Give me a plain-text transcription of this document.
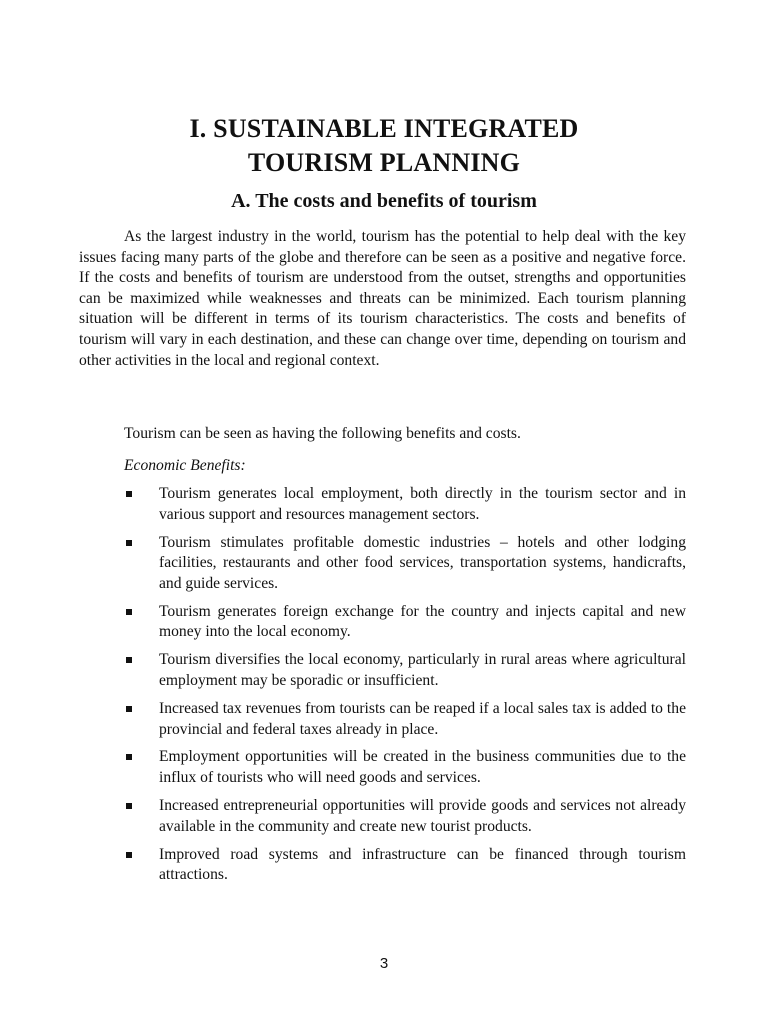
I. SUSTAINABLE INTEGRATED
TOURISM PLANNING
A. The costs and benefits of tourism

As the largest industry in the world, tourism has the potential to help deal with the key issues facing many parts of the globe and therefore can be seen as a positive and negative force. If the costs and benefits of tourism are understood from the outset, strengths and opportunities can be maximized while weaknesses and threats can be minimized. Each tourism planning situation will be different in terms of its tourism characteristics. The costs and benefits of tourism will vary in each destination, and these can change over time, depending on tourism and other activities in the local and regional context.

Tourism can be seen as having the following benefits and costs.

Economic Benefits:
Tourism generates local employment, both directly in the tourism sector and in various support and resources management sectors.
Tourism stimulates profitable domestic industries – hotels and other lodging facilities, restaurants and other food services, transportation systems, handicrafts, and guide services.
Tourism generates foreign exchange for the country and injects capital and new money into the local economy.
Tourism diversifies the local economy, particularly in rural areas where agricultural employment may be sporadic or insufficient.
Increased tax revenues from tourists can be reaped if a local sales tax is added to the provincial and federal taxes already in place.
Employment opportunities will be created in the business communities due to the influx of tourists who will need goods and services.
Increased entrepreneurial opportunities will provide goods and services not already available in the community and create new tourist products.
Improved road systems and infrastructure can be financed through tourism attractions.
3
